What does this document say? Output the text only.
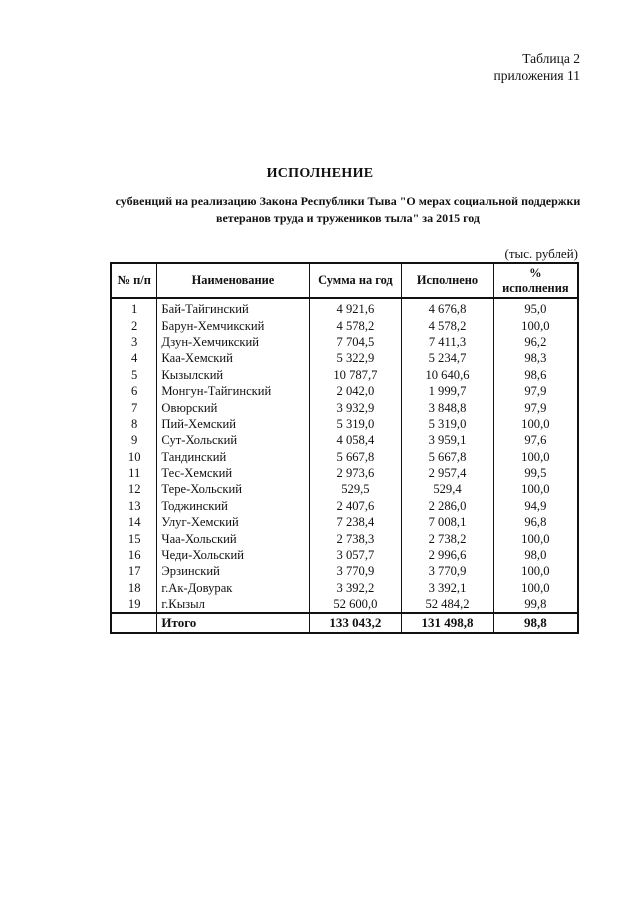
Таблица 2
приложения 11
ИСПОЛНЕНИЕ
субвенций на реализацию Закона Республики Тыва "О мерах социальной поддержки
ветеранов труда и тружеников тыла" за 2015 год
(тыс. рублей)
№ п/п	Наименование	Сумма на год	Исполнено	%
исполнения

1	Бай-Тайгинский	4 921,6	4 676,8	95,0
2	Барун-Хемчикский	4 578,2	4 578,2	100,0
3	Дзун-Хемчикский	7 704,5	7 411,3	96,2
4	Каа-Хемский	5 322,9	5 234,7	98,3
5	Кызылский	10 787,7	10 640,6	98,6
6	Монгун-Тайгинский	2 042,0	1 999,7	97,9
7	Овюрский	3 932,9	3 848,8	97,9
8	Пий-Хемский	5 319,0	5 319,0	100,0
9	Сут-Хольский	4 058,4	3 959,1	97,6
10	Тандинский	5 667,8	5 667,8	100,0
11	Тес-Хемский	2 973,6	2 957,4	99,5
12	Тере-Хольский	529,5	529,4	100,0
13	Тоджинский	2 407,6	2 286,0	94,9
14	Улуг-Хемский	7 238,4	7 008,1	96,8
15	Чаа-Хольский	2 738,3	2 738,2	100,0
16	Чеди-Хольский	3 057,7	2 996,6	98,0
17	Эрзинский	3 770,9	3 770,9	100,0
18	г.Ак-Довурак	3 392,2	3 392,1	100,0
19	г.Кызыл	52 600,0	52 484,2	99,8
	Итого	133 043,2	131 498,8	98,8
